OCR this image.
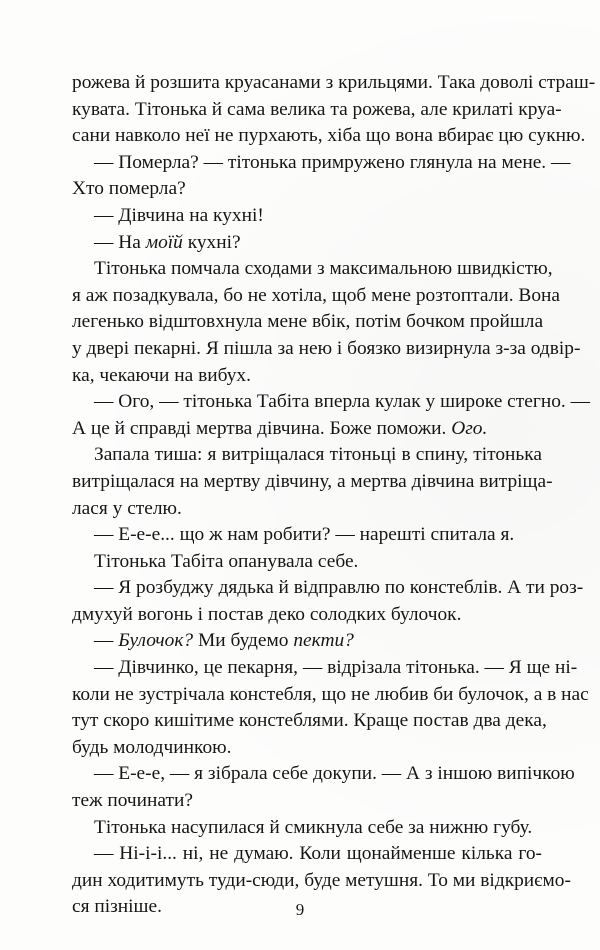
рожева й розшита круасанами з крильцями. Така доволі страш-
кувата. Тітонька й сама велика та рожева, але крилаті круа-
сани навколо неї не пурхають, хіба що вона вбирає цю сукню.
— Померла? — тітонька примружено глянула на мене. —
Хто померла?
— Дівчина на кухні!
— На моїй кухні?
Тітонька помчала сходами з максимальною швидкістю,
я аж позадкувала, бо не хотіла, щоб мене розтоптали. Вона
легенько відштовхнула мене вбік, потім бочком пройшла
у двері пекарні. Я пішла за нею і боязко визирнула з-за одвір-
ка, чекаючи на вибух.
— Ого, — тітонька Табіта вперла кулак у широке стегно. —
А це й справді мертва дівчина. Боже поможи. Ого.
Запала тиша: я витріщалася тітоньці в спину, тітонька
витріщалася на мертву дівчину, а мертва дівчина витріща-
лася у стелю.
— Е-е-е... що ж нам робити? — нарешті спитала я.
Тітонька Табіта опанувала себе.
— Я розбуджу дядька й відправлю по констеблів. А ти роз-
дмухуй вогонь і постав деко солодких булочок.
— Булочок? Ми будемо пекти?
— Дівчинко, це пекарня, — відрізала тітонька. — Я ще ні-
коли не зустрічала констебля, що не любив би булочок, а в нас
тут скоро кишітиме констеблями. Краще постав два дека,
будь молодчинкою.
— Е-е-е, — я зібрала себе докупи. — А з іншою випічкою
теж починати?
Тітонька насупилася й смикнула себе за нижню губу.
— Ні-і-і... ні, не думаю. Коли щонайменше кілька го-
дин ходитимуть туди-сюди, буде метушня. То ми відкриємо-
ся пізніше.	9
